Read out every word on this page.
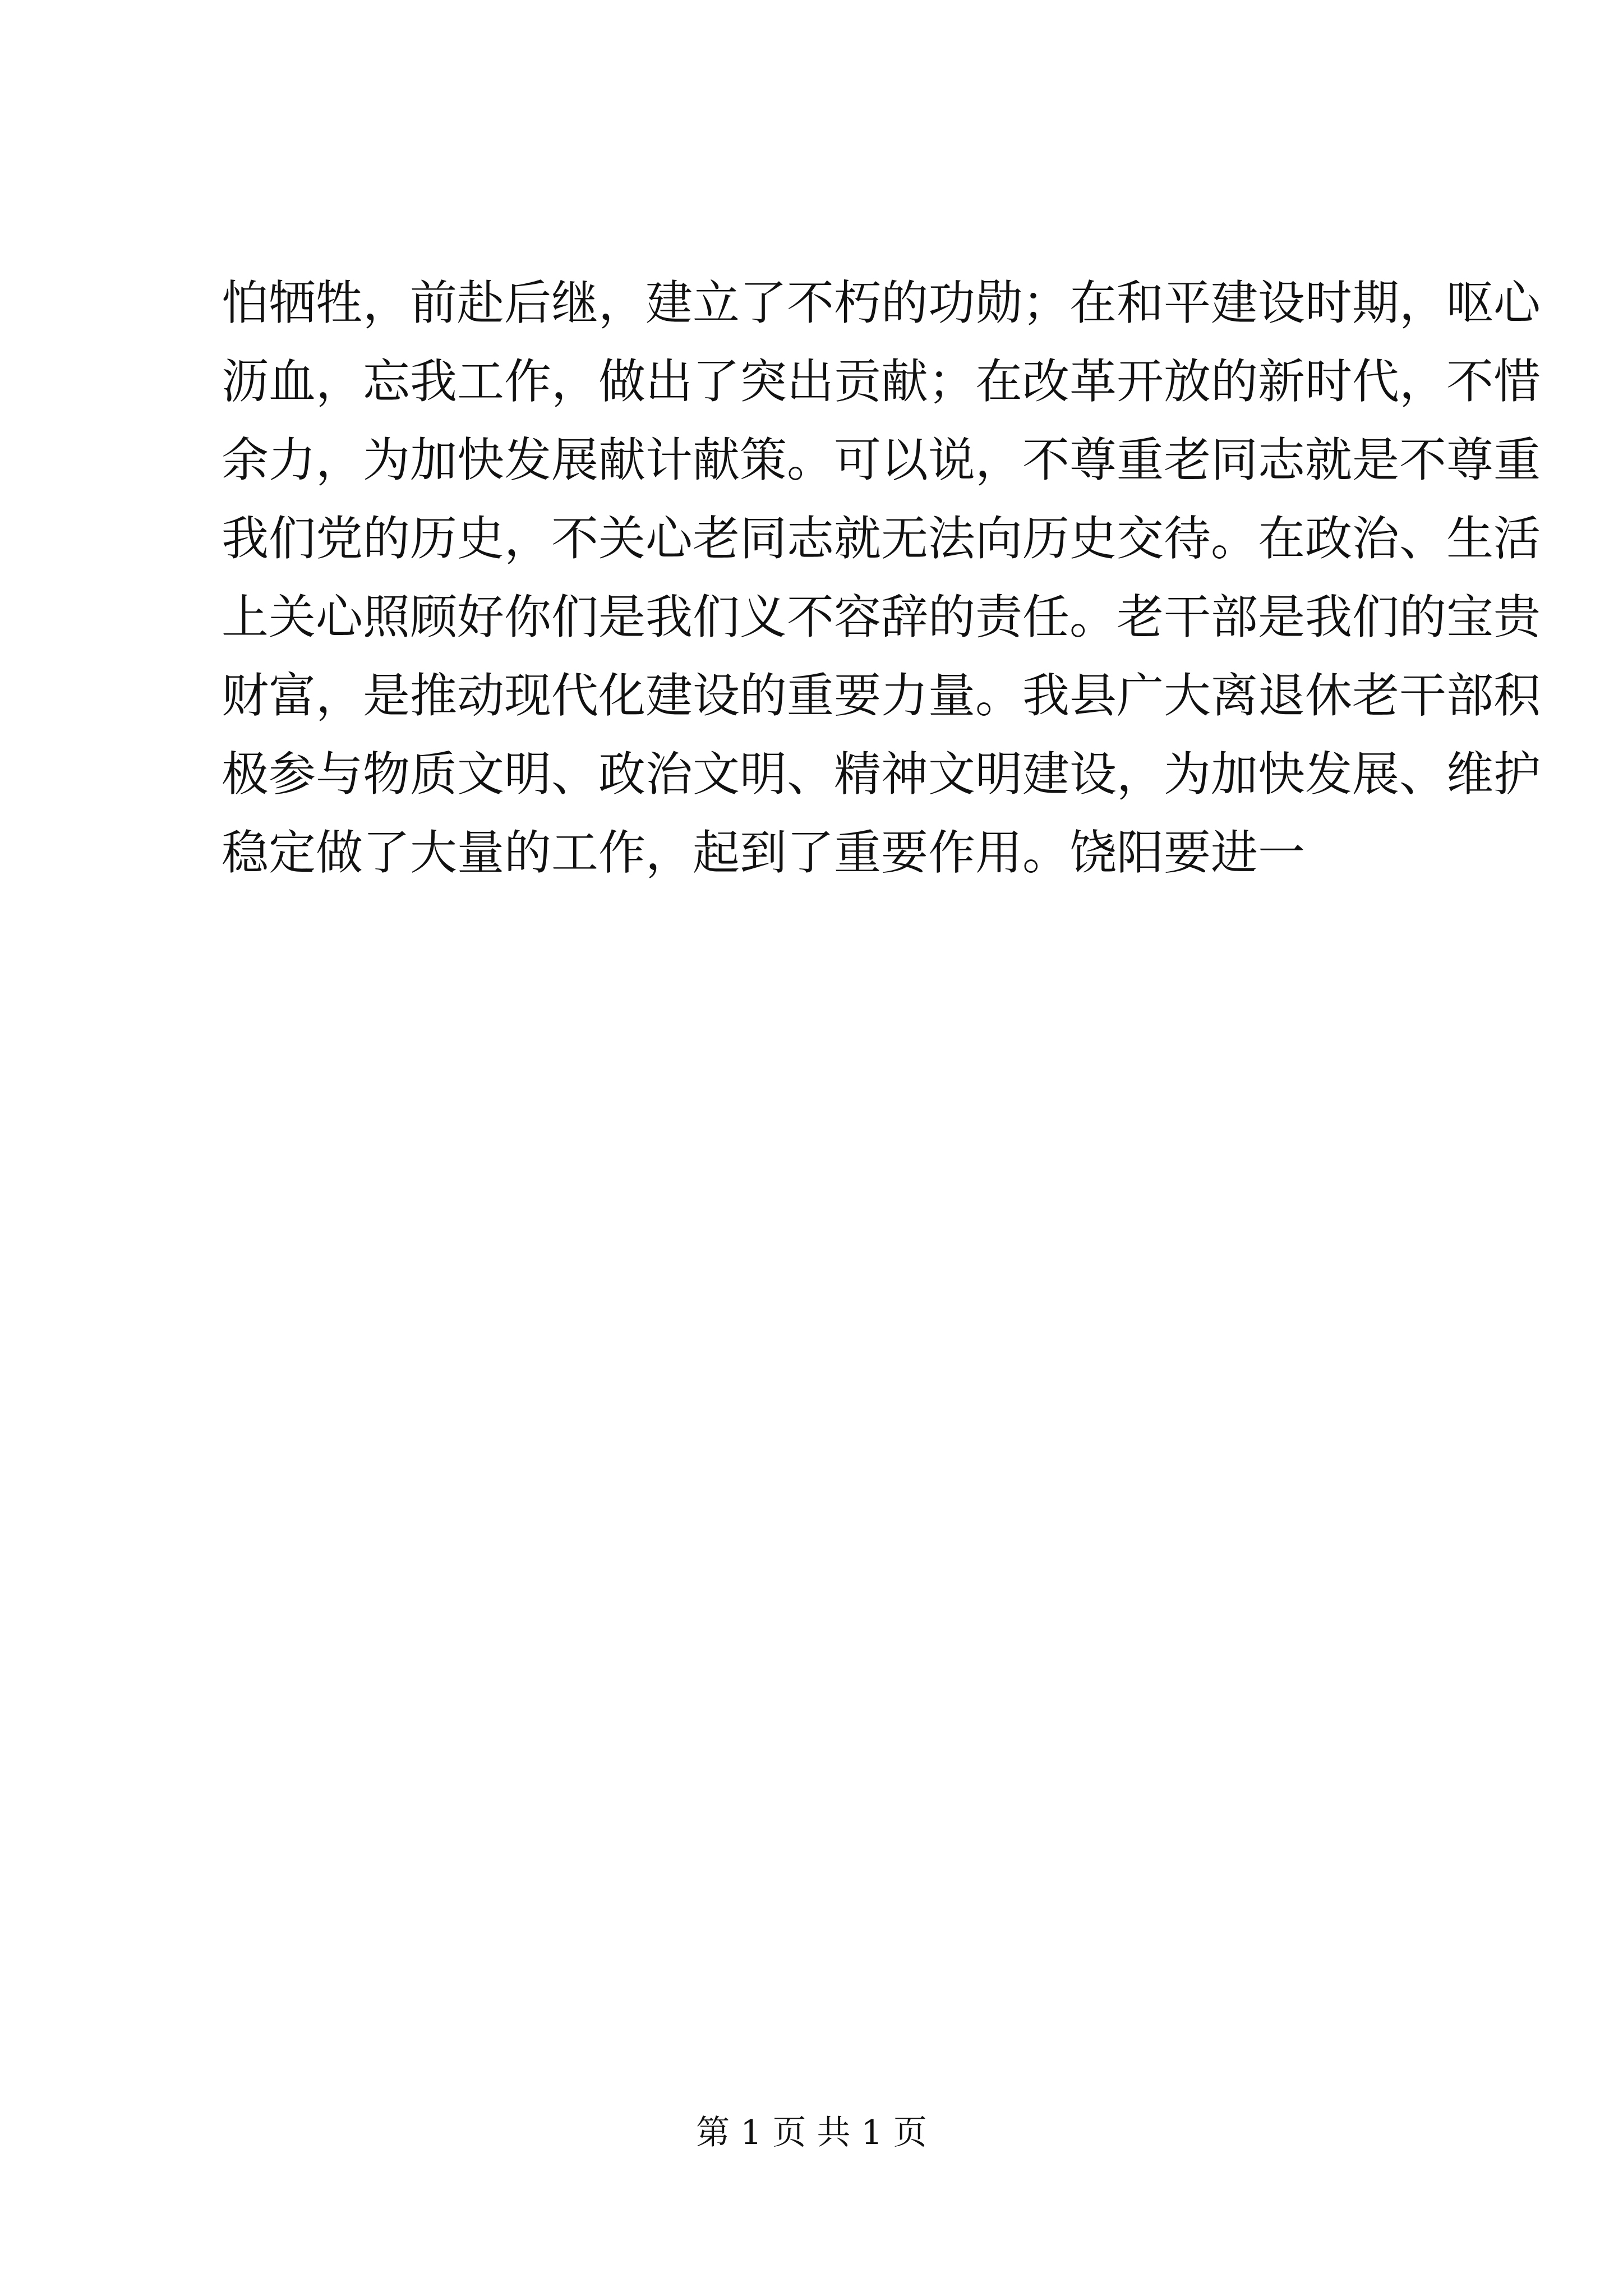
怕牺牲，前赴后继，建立了不朽的功勋；在和平建设时期，呕心
沥血，忘我工作，做出了突出贡献；在改革开放的新时代，不惜
余力，为加快发展献计献策。可以说，不尊重老同志就是不尊重
我们党的历史，不关心老同志就无法向历史交待。在政治、生活
上关心照顾好你们是我们义不容辞的责任。老干部是我们的宝贵
财富，是推动现代化建设的重要力量。我县广大离退休老干部积
极参与物质文明、政治文明、精神文明建设，为加快发展、维护
稳定做了大量的工作，起到了重要作用。饶阳要进一
第 1 页 共 1 页
